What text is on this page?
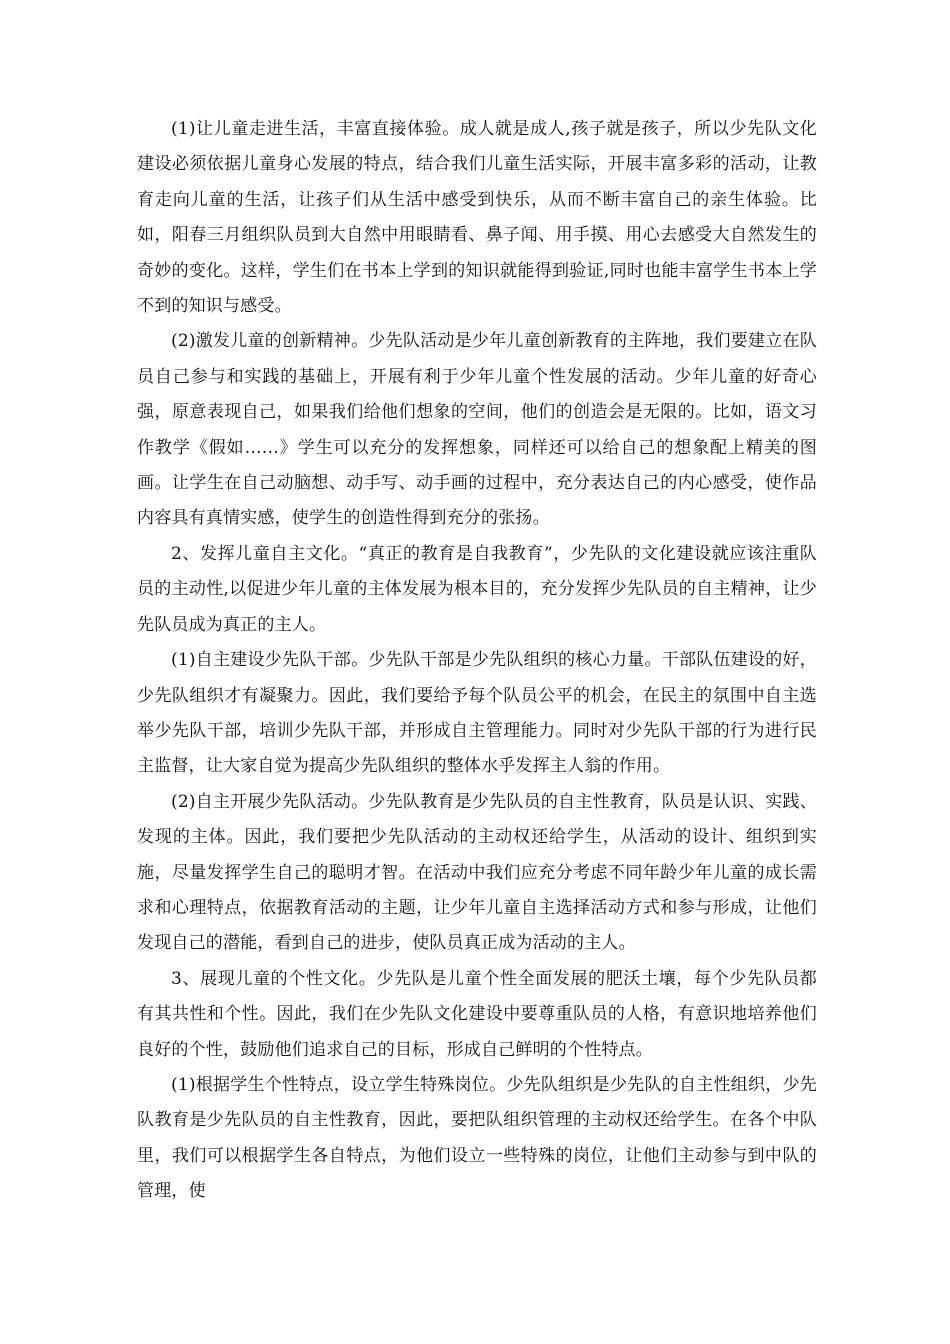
(1)让儿童走进生活，丰富直接体验。成人就是成人,孩子就是孩子，所以少先队文化建设必须依据儿童身心发展的特点，结合我们儿童生活实际，开展丰富多彩的活动，让教育走向儿童的生活，让孩子们从生活中感受到快乐，从而不断丰富自己的亲生体验。比如，阳春三月组织队员到大自然中用眼睛看、鼻子闻、用手摸、用心去感受大自然发生的奇妙的变化。这样，学生们在书本上学到的知识就能得到验证,同时也能丰富学生书本上学不到的知识与感受。

(2)激发儿童的创新精神。少先队活动是少年儿童创新教育的主阵地，我们要建立在队员自己参与和实践的基础上，开展有利于少年儿童个性发展的活动。少年儿童的好奇心强，原意表现自己，如果我们给他们想象的空间，他们的创造会是无限的。比如，语文习作教学《假如……》学生可以充分的发挥想象，同样还可以给自己的想象配上精美的图画。让学生在自己动脑想、动手写、动手画的过程中，充分表达自己的内心感受，使作品内容具有真情实感，使学生的创造性得到充分的张扬。

2、发挥儿童自主文化。“真正的教育是自我教育”，少先队的文化建设就应该注重队员的主动性,以促进少年儿童的主体发展为根本目的，充分发挥少先队员的自主精神，让少先队员成为真正的主人。

(1)自主建设少先队干部。少先队干部是少先队组织的核心力量。干部队伍建设的好，少先队组织才有凝聚力。因此，我们要给予每个队员公平的机会，在民主的氛围中自主选举少先队干部，培训少先队干部，并形成自主管理能力。同时对少先队干部的行为进行民主监督，让大家自觉为提高少先队组织的整体水乎发挥主人翁的作用。

(2)自主开展少先队活动。少先队教育是少先队员的自主性教育，队员是认识、实践、发现的主体。因此，我们要把少先队活动的主动权还给学生，从活动的设计、组织到实施，尽量发挥学生自己的聪明才智。在活动中我们应充分考虑不同年龄少年儿童的成长需求和心理特点，依据教育活动的主题，让少年儿童自主选择活动方式和参与形成，让他们发现自己的潜能，看到自己的进步，使队员真正成为活动的主人。

3、展现儿童的个性文化。少先队是儿童个性全面发展的肥沃土壤，每个少先队员都有其共性和个性。因此，我们在少先队文化建设中要尊重队员的人格，有意识地培养他们良好的个性，鼓励他们追求自己的目标，形成自己鲜明的个性特点。

(1)根据学生个性特点，设立学生特殊岗位。少先队组织是少先队的自主性组织，少先队教育是少先队员的自主性教育，因此，要把队组织管理的主动权还给学生。在各个中队里，我们可以根据学生各自特点，为他们设立一些特殊的岗位，让他们主动参与到中队的管理，使
